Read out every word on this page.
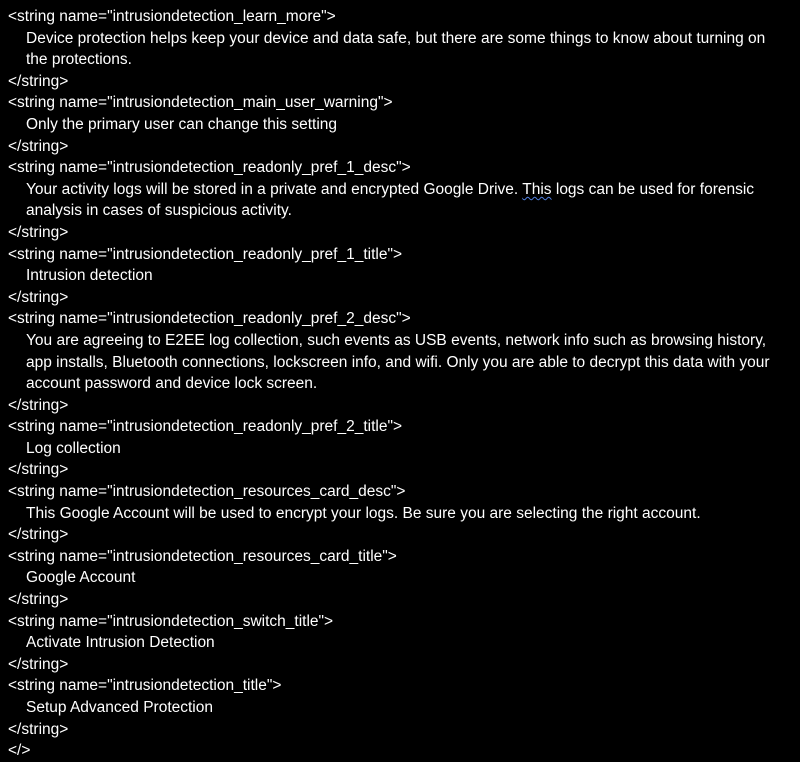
<string name="intrusiondetection_learn_more">
Device protection helps keep your device and data safe, but there are some things to know about turning on the protections.
</string>
<string name="intrusiondetection_main_user_warning">
Only the primary user can change this setting
</string>
<string name="intrusiondetection_readonly_pref_1_desc">
Your activity logs will be stored in a private and encrypted Google Drive. This logs can be used for forensic analysis in cases of suspicious activity.
</string>
<string name="intrusiondetection_readonly_pref_1_title">
Intrusion detection
</string>
<string name="intrusiondetection_readonly_pref_2_desc">
You are agreeing to E2EE log collection, such events as USB events, network info such as browsing history, app installs, Bluetooth connections, lockscreen info, and wifi. Only you are able to decrypt this data with your account password and device lock screen.
</string>
<string name="intrusiondetection_readonly_pref_2_title">
Log collection
</string>
<string name="intrusiondetection_resources_card_desc">
This Google Account will be used to encrypt your logs. Be sure you are selecting the right account.
</string>
<string name="intrusiondetection_resources_card_title">
Google Account
</string>
<string name="intrusiondetection_switch_title">
Activate Intrusion Detection
</string>
<string name="intrusiondetection_title">
Setup Advanced Protection
</string>
</>
